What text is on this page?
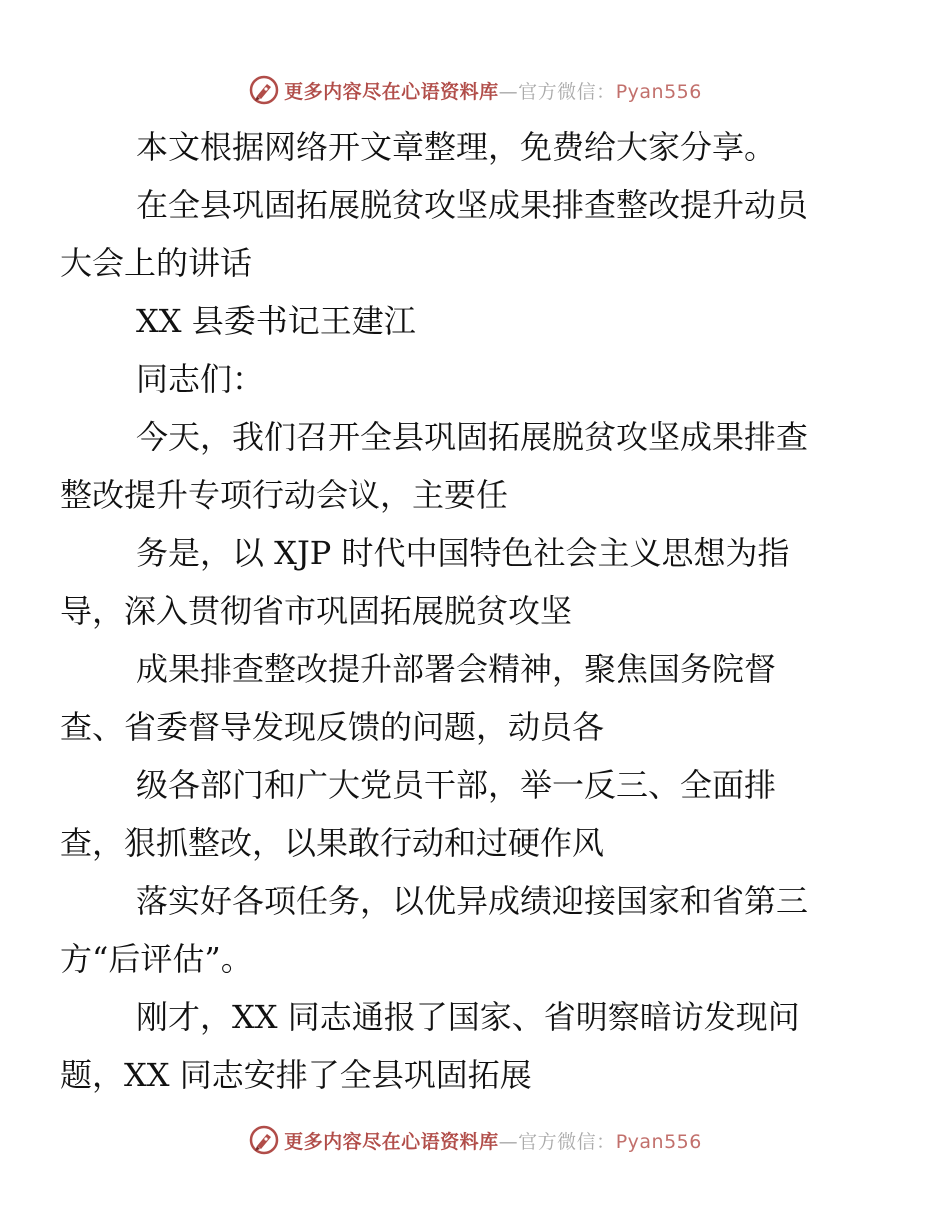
更多内容尽在心语资料库—官方微信：Pyan556

本文根据网络开文章整理，免费给大家分享。

在全县巩固拓展脱贫攻坚成果排查整改提升动员
大会上的讲话

XX 县委书记王建江

同志们：

今天，我们召开全县巩固拓展脱贫攻坚成果排查
整改提升专项行动会议，主要任

务是，以 XJP 时代中国特色社会主义思想为指
导，深入贯彻省市巩固拓展脱贫攻坚

成果排查整改提升部署会精神，聚焦国务院督
查、省委督导发现反馈的问题，动员各

级各部门和广大党员干部，举一反三、全面排
查，狠抓整改，以果敢行动和过硬作风

落实好各项任务，以优异成绩迎接国家和省第三
方“后评估”。

刚才，XX 同志通报了国家、省明察暗访发现问
题，XX 同志安排了全县巩固拓展

更多内容尽在心语资料库—官方微信：Pyan556
